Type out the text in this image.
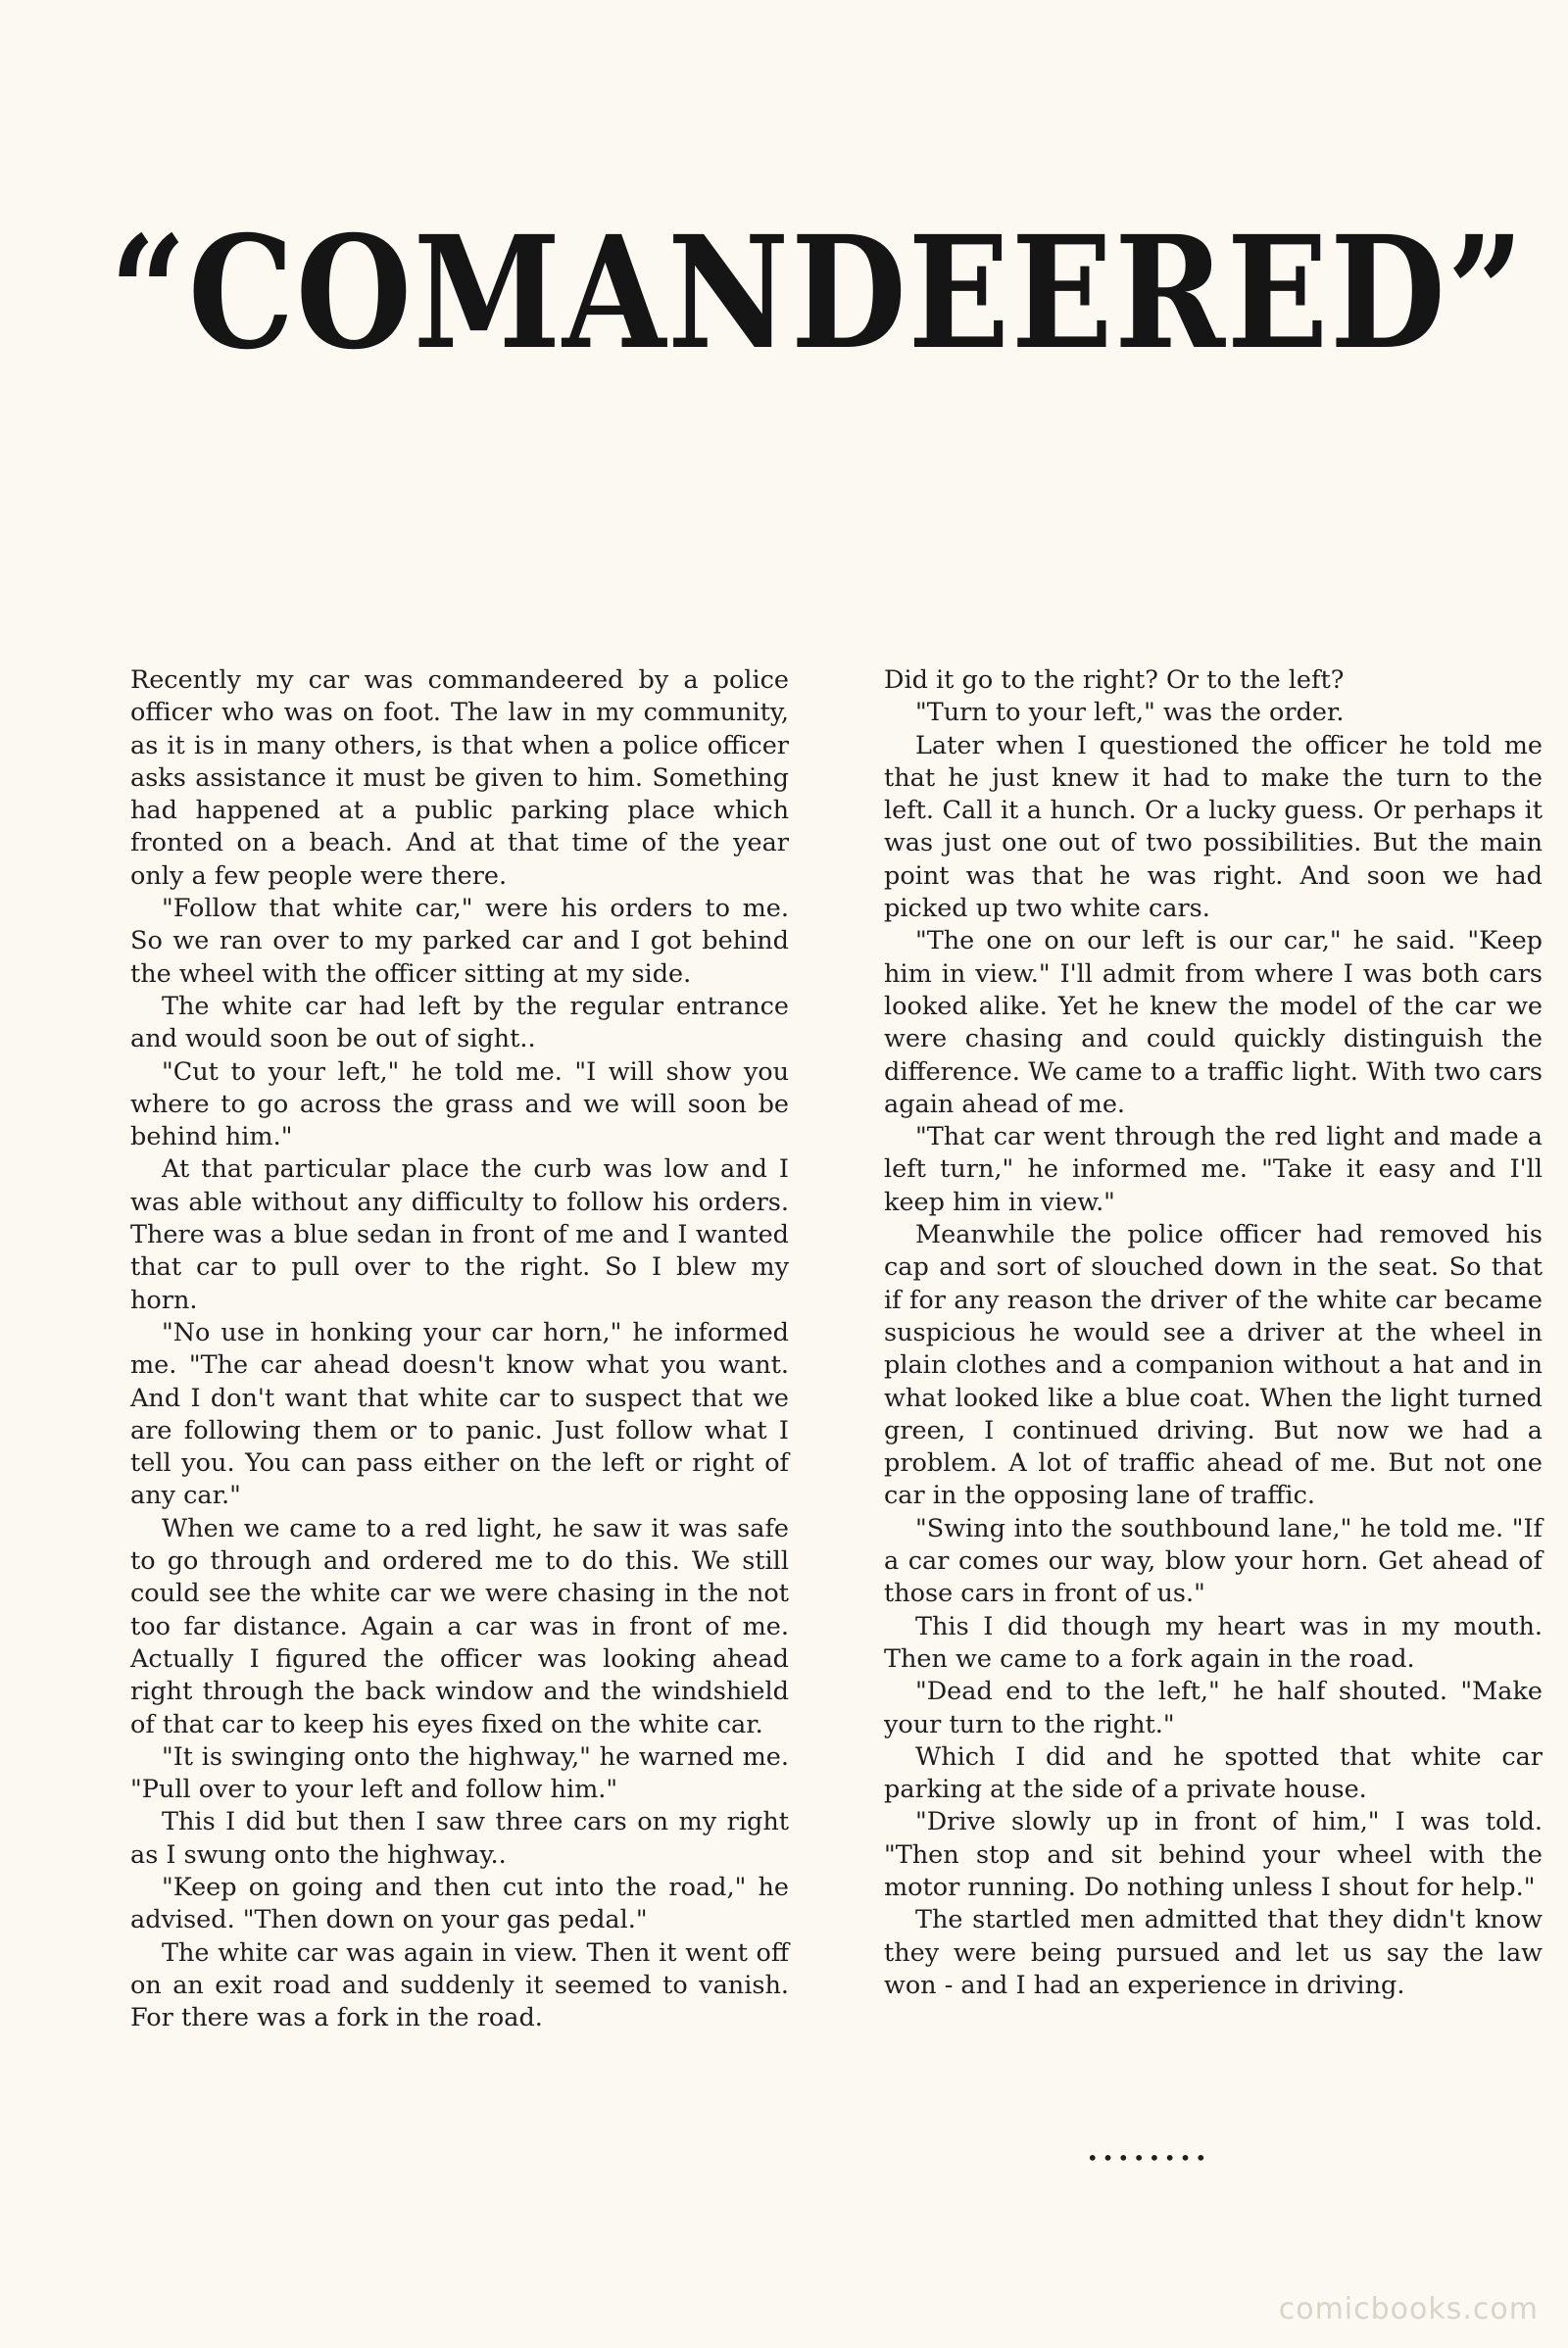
“COMANDEERED”

Recently my car was commandeered by a police officer who was on foot. The law in my community, as it is in many others, is that when a police officer asks assistance it must be given to him. Something had happened at a public parking place which fronted on a beach. And at that time of the year only a few people were there.

"Follow that white car," were his orders to me. So we ran over to my parked car and I got behind the wheel with the officer sitting at my side.

The white car had left by the regular entrance and would soon be out of sight..

"Cut to your left," he told me. "I will show you where to go across the grass and we will soon be behind him."

At that particular place the curb was low and I was able without any difficulty to follow his orders. There was a blue sedan in front of me and I wanted that car to pull over to the right. So I blew my horn.

"No use in honking your car horn," he informed me. "The car ahead doesn't know what you want. And I don't want that white car to suspect that we are following them or to panic. Just follow what I tell you. You can pass either on the left or right of any car."

When we came to a red light, he saw it was safe to go through and ordered me to do this. We still could see the white car we were chasing in the not too far distance. Again a car was in front of me. Actually I figured the officer was looking ahead right through the back window and the windshield of that car to keep his eyes fixed on the white car.

"It is swinging onto the highway," he warned me. "Pull over to your left and follow him."

This I did but then I saw three cars on my right as I swung onto the highway..

"Keep on going and then cut into the road," he advised. "Then down on your gas pedal."

The white car was again in view. Then it went off on an exit road and suddenly it seemed to vanish. For there was a fork in the road.

Did it go to the right? Or to the left?

"Turn to your left," was the order.

Later when I questioned the officer he told me that he just knew it had to make the turn to the left. Call it a hunch. Or a lucky guess. Or perhaps it was just one out of two possibilities. But the main point was that he was right. And soon we had picked up two white cars.

"The one on our left is our car," he said. "Keep him in view." I'll admit from where I was both cars looked alike. Yet he knew the model of the car we were chasing and could quickly distinguish the difference. We came to a traffic light. With two cars again ahead of me.

"That car went through the red light and made a left turn," he informed me. "Take it easy and I'll keep him in view."

Meanwhile the police officer had removed his cap and sort of slouched down in the seat. So that if for any reason the driver of the white car became suspicious he would see a driver at the wheel in plain clothes and a companion without a hat and in what looked like a blue coat. When the light turned green, I continued driving. But now we had a problem. A lot of traffic ahead of me. But not one car in the opposing lane of traffic.

"Swing into the southbound lane," he told me. "If a car comes our way, blow your horn. Get ahead of those cars in front of us."

This I did though my heart was in my mouth. Then we came to a fork again in the road.

"Dead end to the left," he half shouted. "Make your turn to the right."

Which I did and he spotted that white car parking at the side of a private house.

"Drive slowly up in front of him," I was told. "Then stop and sit behind your wheel with the motor running. Do nothing unless I shout for help."

The startled men admitted that they didn't know they were being pursued and let us say the law won - and I had an experience in driving.

••••••••
comicbooks.com
